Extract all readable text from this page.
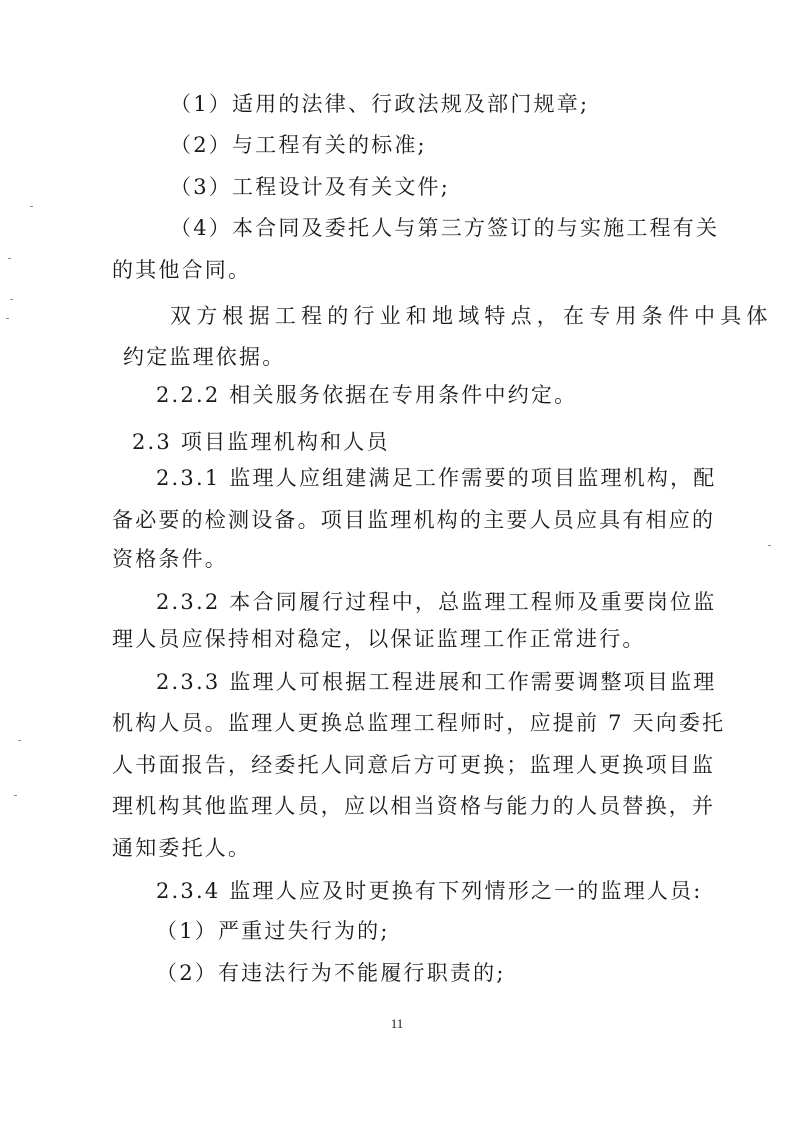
（1）适用的法律、行政法规及部门规章;
（2）与工程有关的标准;
（3）工程设计及有关文件;
（4）本合同及委托人与第三方签订的与实施工程有关
的其他合同。
双方根据工程的行业和地域特点，在专用条件中具体
约定监理依据。
2.2.2 相关服务依据在专用条件中约定。
2.3 项目监理机构和人员
2.3.1 监理人应组建满足工作需要的项目监理机构，配
备必要的检测设备。项目监理机构的主要人员应具有相应的
资格条件。
2.3.2 本合同履行过程中，总监理工程师及重要岗位监
理人员应保持相对稳定，以保证监理工作正常进行。
2.3.3 监理人可根据工程进展和工作需要调整项目监理
机构人员。监理人更换总监理工程师时，应提前 7 天向委托
人书面报告，经委托人同意后方可更换；监理人更换项目监
理机构其他监理人员，应以相当资格与能力的人员替换，并
通知委托人。
2.3.4 监理人应及时更换有下列情形之一的监理人员:
（1）严重过失行为的;
（2）有违法行为不能履行职责的;
11
